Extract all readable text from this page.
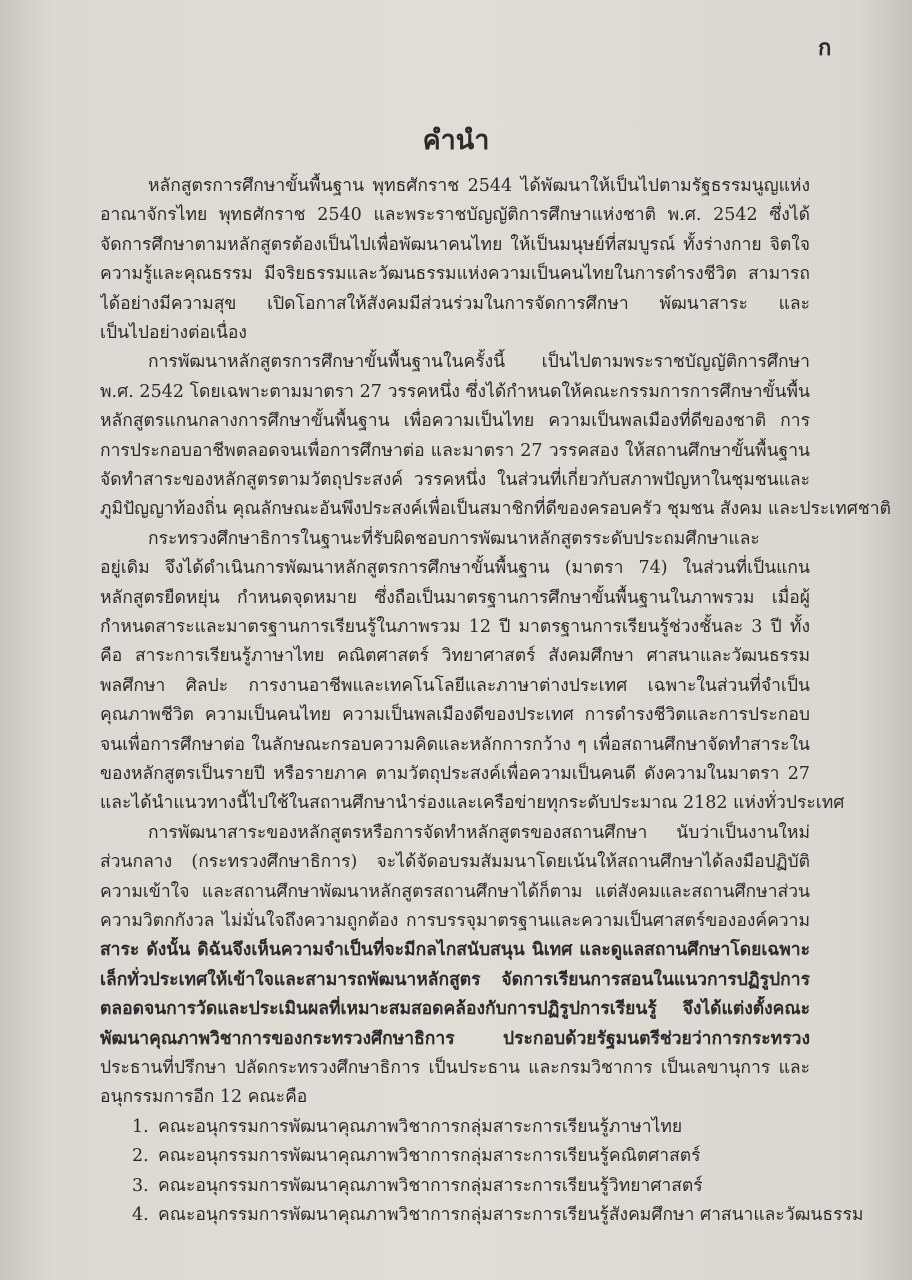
ก
คำนำ
หลักสูตรการศึกษาขั้นพื้นฐาน พุทธศักราช 2544 ได้พัฒนาให้เป็นไปตามรัฐธรรมนูญแห่ง
อาณาจักรไทย พุทธศักราช 2540 และพระราชบัญญัติการศึกษาแห่งชาติ พ.ศ. 2542 ซึ่งได้
จัดการศึกษาตามหลักสูตรต้องเป็นไปเพื่อพัฒนาคนไทย ให้เป็นมนุษย์ที่สมบูรณ์ ทั้งร่างกาย จิตใจ
ความรู้และคุณธรรม มีจริยธรรมและวัฒนธรรมแห่งความเป็นคนไทยในการดำรงชีวิต สามารถ
ได้อย่างมีความสุข เปิดโอกาสให้สังคมมีส่วนร่วมในการจัดการศึกษา พัฒนาสาระ และ
เป็นไปอย่างต่อเนื่อง
การพัฒนาหลักสูตรการศึกษาขั้นพื้นฐานในครั้งนี้ เป็นไปตามพระราชบัญญัติการศึกษา
พ.ศ. 2542 โดยเฉพาะตามมาตรา 27 วรรคหนึ่ง ซึ่งได้กำหนดให้คณะกรรมการการศึกษาขั้นพื้น
หลักสูตรแกนกลางการศึกษาขั้นพื้นฐาน เพื่อความเป็นไทย ความเป็นพลเมืองที่ดีของชาติ การ
การประกอบอาชีพตลอดจนเพื่อการศึกษาต่อ และมาตรา 27 วรรคสอง ให้สถานศึกษาขั้นพื้นฐาน
จัดทำสาระของหลักสูตรตามวัตถุประสงค์ วรรคหนึ่ง ในส่วนที่เกี่ยวกับสภาพปัญหาในชุมชนและ
ภูมิปัญญาท้องถิ่น คุณลักษณะอันพึงประสงค์เพื่อเป็นสมาชิกที่ดีของครอบครัว ชุมชน สังคม และประเทศชาติ
กระทรวงศึกษาธิการในฐานะที่รับผิดชอบการพัฒนาหลักสูตรระดับประถมศึกษาและ
อยู่เดิม จึงได้ดำเนินการพัฒนาหลักสูตรการศึกษาขั้นพื้นฐาน (มาตรา 74) ในส่วนที่เป็นแกน
หลักสูตรยืดหยุ่น กำหนดจุดหมาย ซึ่งถือเป็นมาตรฐานการศึกษาขั้นพื้นฐานในภาพรวม เมื่อผู้
กำหนดสาระและมาตรฐานการเรียนรู้ในภาพรวม 12 ปี มาตรฐานการเรียนรู้ช่วงชั้นละ 3 ปี ทั้ง
คือ สาระการเรียนรู้ภาษาไทย คณิตศาสตร์ วิทยาศาสตร์ สังคมศึกษา ศาสนาและวัฒนธรรม
พลศึกษา ศิลปะ การงานอาชีพและเทคโนโลยีและภาษาต่างประเทศ เฉพาะในส่วนที่จำเป็น
คุณภาพชีวิต ความเป็นคนไทย ความเป็นพลเมืองดีของประเทศ การดำรงชีวิตและการประกอบ
จนเพื่อการศึกษาต่อ ในลักษณะกรอบความคิดและหลักการกว้าง ๆ เพื่อสถานศึกษาจัดทำสาระใน
ของหลักสูตรเป็นรายปี หรือรายภาค ตามวัตถุประสงค์เพื่อความเป็นคนดี ดังความในมาตรา 27
และได้นำแนวทางนี้ไปใช้ในสถานศึกษานำร่องและเครือข่ายทุกระดับประมาณ 2182 แห่งทั่วประเทศ
การพัฒนาสาระของหลักสูตรหรือการจัดทำหลักสูตรของสถานศึกษา นับว่าเป็นงานใหม่
ส่วนกลาง (กระทรวงศึกษาธิการ) จะได้จัดอบรมสัมมนาโดยเน้นให้สถานศึกษาได้ลงมือปฏิบัติ
ความเข้าใจ และสถานศึกษาพัฒนาหลักสูตรสถานศึกษาได้ก็ตาม แต่สังคมและสถานศึกษาส่วน
ความวิตกกังวล ไม่มั่นใจถึงความถูกต้อง การบรรจุมาตรฐานและความเป็นศาสตร์ขององค์ความ
สาระ ดังนั้น ดิฉันจึงเห็นความจำเป็นที่จะมีกลไกสนับสนุน นิเทศ และดูแลสถานศึกษาโดยเฉพาะ
เล็กทั่วประเทศให้เข้าใจและสามารถพัฒนาหลักสูตร จัดการเรียนการสอนในแนวการปฏิรูปการ
ตลอดจนการวัดและประเมินผลที่เหมาะสมสอดคล้องกับการปฏิรูปการเรียนรู้ จึงได้แต่งตั้งคณะ
พัฒนาคุณภาพวิชาการของกระทรวงศึกษาธิการ ประกอบด้วยรัฐมนตรีช่วยว่าการกระทรวง
ประธานที่ปรึกษา ปลัดกระทรวงศึกษาธิการ เป็นประธาน และกรมวิชาการ เป็นเลขานุการ และ
อนุกรรมการอีก 12 คณะคือ
1. คณะอนุกรรมการพัฒนาคุณภาพวิชาการกลุ่มสาระการเรียนรู้ภาษาไทย
2. คณะอนุกรรมการพัฒนาคุณภาพวิชาการกลุ่มสาระการเรียนรู้คณิตศาสตร์
3. คณะอนุกรรมการพัฒนาคุณภาพวิชาการกลุ่มสาระการเรียนรู้วิทยาศาสตร์
4. คณะอนุกรรมการพัฒนาคุณภาพวิชาการกลุ่มสาระการเรียนรู้สังคมศึกษา ศาสนาและวัฒนธรรม
